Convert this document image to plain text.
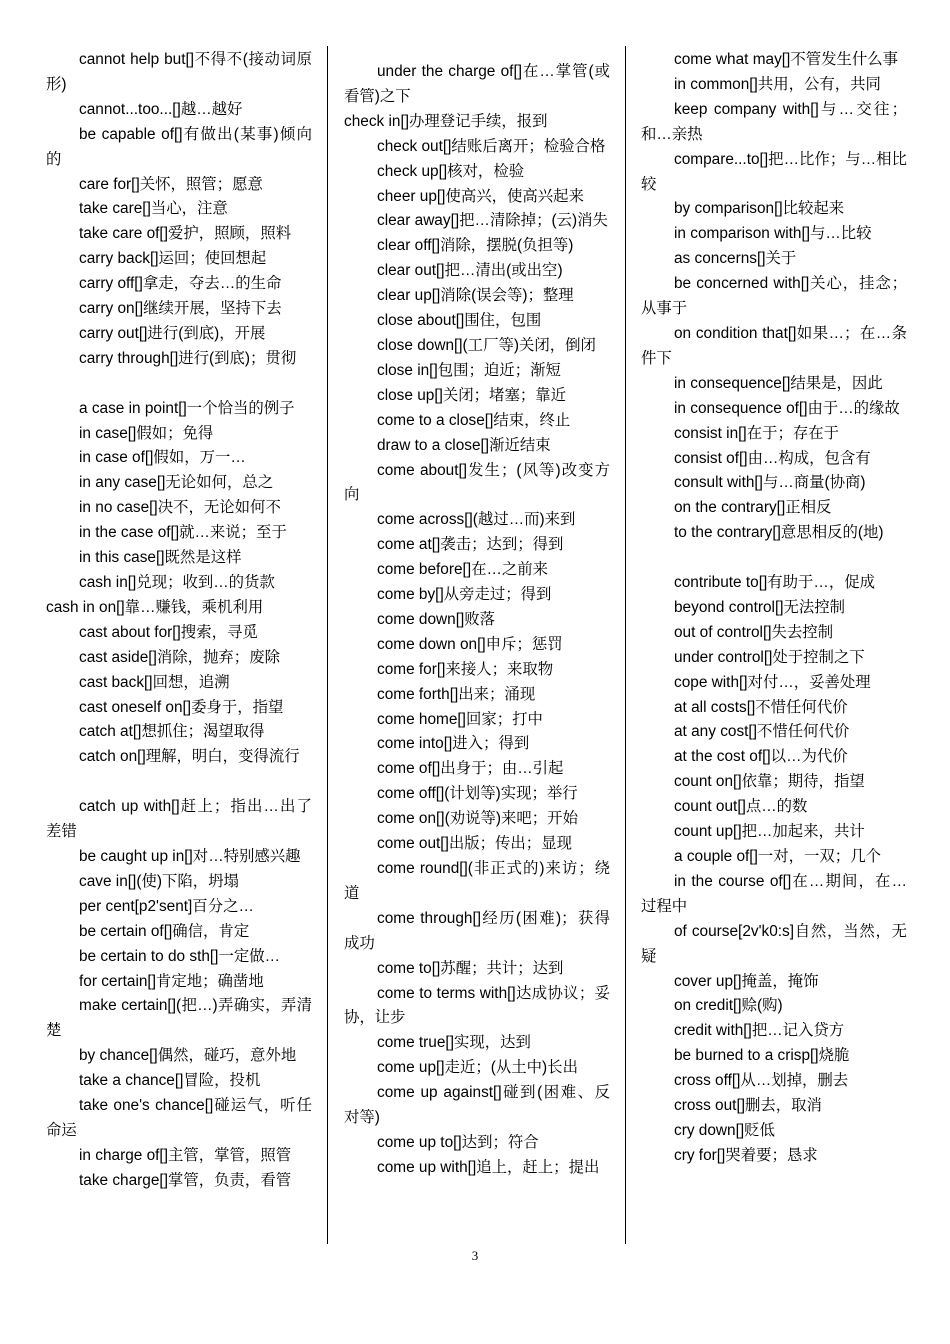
cannot help but[]不得不(接动词原形)

cannot...too...[]越…越好

be capable of[]有做出(某事)倾向的

care for[]关怀，照管；愿意

take care[]当心，注意

take care of[]爱护，照顾，照料

carry back[]运回；使回想起

carry off[]拿走，夺去…的生命

carry on[]继续开展，坚持下去

carry out[]进行(到底)，开展

carry through[]进行(到底)；贯彻

a case in point[]一个恰当的例子

in case[]假如；免得

in case of[]假如，万一…

in any case[]无论如何，总之

in no case[]决不，无论如何不

in the case of[]就…来说；至于

in this case[]既然是这样

cash in[]兑现；收到…的货款

cash in on[]靠…赚钱，乘机利用

cast about for[]搜索，寻觅

cast aside[]消除，抛弃；废除

cast back[]回想，追溯

cast oneself on[]委身于，指望

catch at[]想抓住；渴望取得

catch on[]理解，明白，变得流行

catch up with[]赶上；指出…出了差错

be caught up in[]对…特别感兴趣

cave in[](使)下陷，坍塌

per cent[p2'sent]百分之…

be certain of[]确信，肯定

be certain to do sth[]一定做…

for certain[]肯定地；确凿地

make certain[](把…)弄确实，弄清楚

by chance[]偶然，碰巧，意外地

take a chance[]冒险，投机

take one's chance[]碰运气，听任命运

in charge of[]主管，掌管，照管

take charge[]掌管，负责，看管

under the charge of[]在…掌管(或看管)之下

check in[]办理登记手续，报到

check out[]结账后离开；检验合格

check up[]核对，检验

cheer up[]使高兴，使高兴起来

clear away[]把…清除掉；(云)消失

clear off[]消除，摆脱(负担等)

clear out[]把…清出(或出空)

clear up[]消除(误会等)；整理

close about[]围住，包围

close down[](工厂等)关闭，倒闭

close in[]包围；迫近；渐短

close up[]关闭；堵塞；靠近

come to a close[]结束，终止

draw to a close[]渐近结束

come about[]发生；(风等)改变方向

come across[](越过…而)来到

come at[]袭击；达到；得到

come before[]在…之前来

come by[]从旁走过；得到

come down[]败落

come down on[]申斥；惩罚

come for[]来接人；来取物

come forth[]出来；涌现

come home[]回家；打中

come into[]进入；得到

come of[]出身于；由…引起

come off[](计划等)实现；举行

come on[](劝说等)来吧；开始

come out[]出版；传出；显现

come round[](非正式的)来访；绕道

come through[]经历(困难)；获得成功

come to[]苏醒；共计；达到

come to terms with[]达成协议；妥协，让步

come true[]实现，达到

come up[]走近；(从土中)长出

come up against[]碰到(困难、反对等)

come up to[]达到；符合

come up with[]追上，赶上；提出

come what may[]不管发生什么事

in common[]共用，公有，共同

keep company with[]与…交往；和…亲热

compare...to[]把…比作；与…相比较

by comparison[]比较起来

in comparison with[]与…比较

as concerns[]关于

be concerned with[]关心，挂念；从事于

on condition that[]如果…；在…条件下

in consequence[]结果是，因此

in consequence of[]由于…的缘故

consist in[]在于；存在于

consist of[]由…构成，包含有

consult with[]与…商量(协商)

on the contrary[]正相反

to the contrary[]意思相反的(地)

contribute to[]有助于…，促成

beyond control[]无法控制

out of control[]失去控制

under control[]处于控制之下

cope with[]对付…，妥善处理

at all costs[]不惜任何代价

at any cost[]不惜任何代价

at the cost of[]以…为代价

count on[]依靠；期待，指望

count out[]点…的数

count up[]把…加起来，共计

a couple of[]一对，一双；几个

in the course of[]在…期间，在…过程中

of course[2v'k0:s]自然，当然，无疑

cover up[]掩盖，掩饰

on credit[]赊(购)

credit with[]把…记入贷方

be burned to a crisp[]烧脆

cross off[]从…划掉，删去

cross out[]删去，取消

cry down[]贬低

cry for[]哭着要；恳求

3
